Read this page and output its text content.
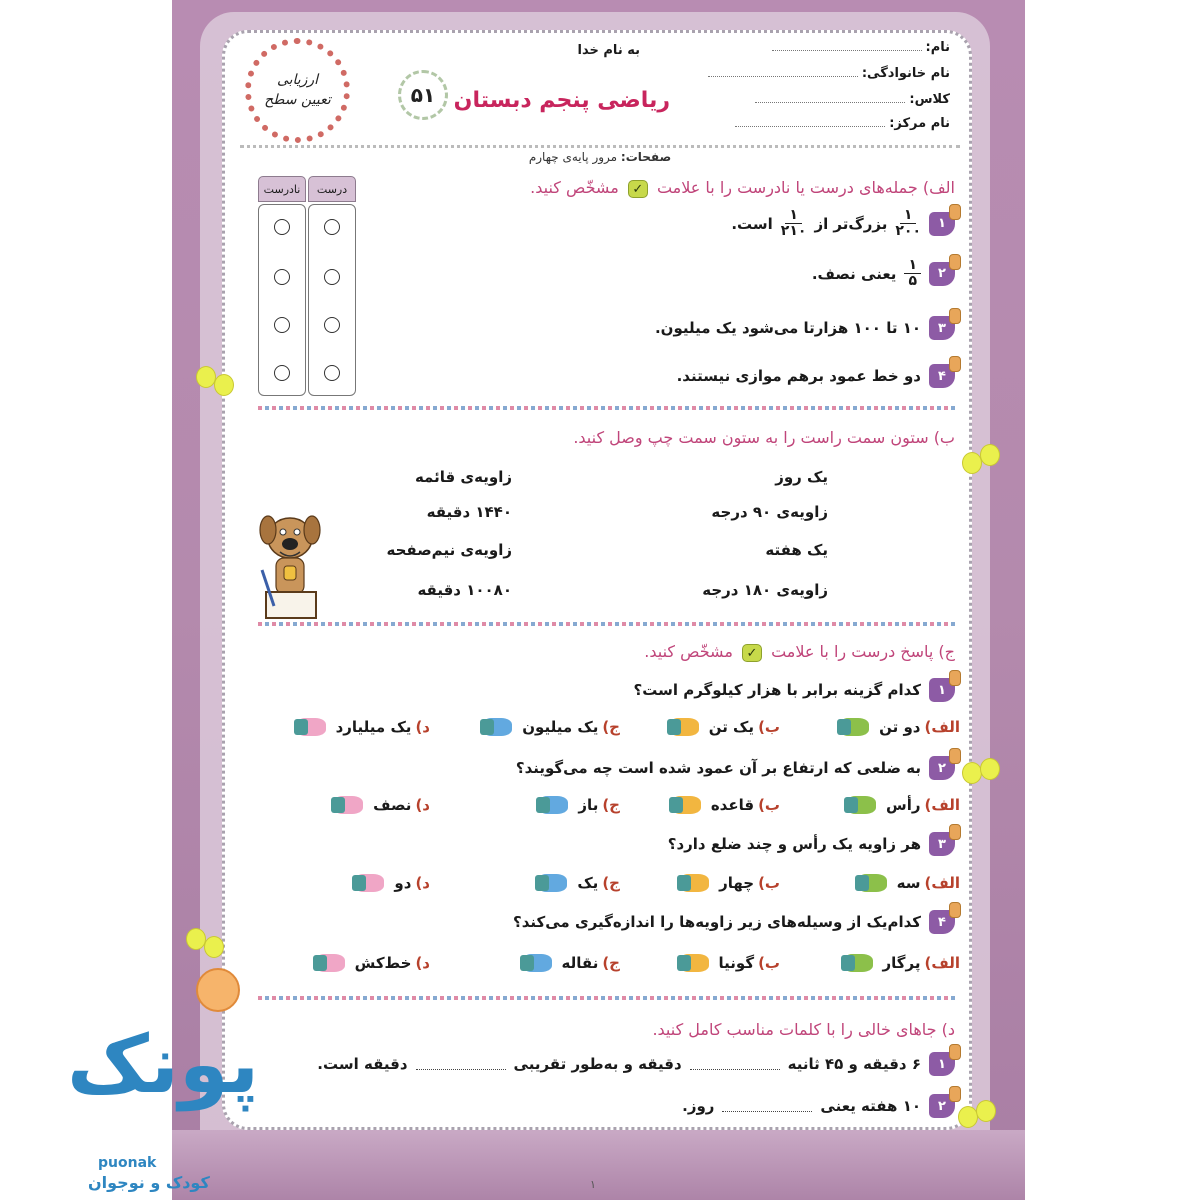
۱
نام:
نام خانوادگی:
کلاس:
نام مرکز:
به نام خدا
ریاضی پنجم دبستان
۵۱
ارزیابی
تعیین سطح
صفحات: مرور پایه‌ی چهارم
الف) جمله‌های درست یا نادرست را با علامت ✓ مشخّص کنید.
درست
نادرست
۱
$\frac{۱}{۲۰۰}$
بزرگ‌تر از
$\frac{۱}{۲۱۰}$
است.
۲
$\frac{۱}{۵}$
یعنی نصف.
۳
۱۰ تا ۱۰۰ هزارتا می‌شود یک میلیون.
۴
دو خط عمود برهم موازی نیستند.
ب) ستون سمت راست را به ستون سمت چپ وصل کنید.
یک روز
زاویه‌ی ۹۰ درجه
یک هفته
زاویه‌ی ۱۸۰ درجه
زاویه‌ی قائمه
۱۴۴۰ دقیقه
زاویه‌ی نیم‌صفحه
۱۰۰۸۰ دقیقه
ج) پاسخ درست را با علامت ✓ مشخّص کنید.
۱
کدام گزینه برابر با هزار کیلوگرم است؟
الف)
دو تن
ب)
یک تن
ج)
یک میلیون
د)
یک میلیارد
۲
به ضلعی که ارتفاع بر آن عمود شده است چه می‌گویند؟
الف)
رأس
ب)
قاعده
ج)
باز
د)
نصف
۳
هر زاویه یک رأس و چند ضلع دارد؟
الف)
سه
ب)
چهار
ج)
یک
د)
دو
۴
کدام‌یک از وسیله‌های زیر زاویه‌ها را اندازه‌گیری می‌کند؟
الف)
پرگار
ب)
گونیا
ج)
نقاله
د)
خط‌کش
د) جاهای خالی را با کلمات مناسب کامل کنید.
۱
۶ دقیقه و ۴۵ ثانیه
دقیقه و به‌طور تقریبی
دقیقه است.
۲
۱۰ هفته یعنی
روز.
پونک
puonak
کودک و نوجوان
